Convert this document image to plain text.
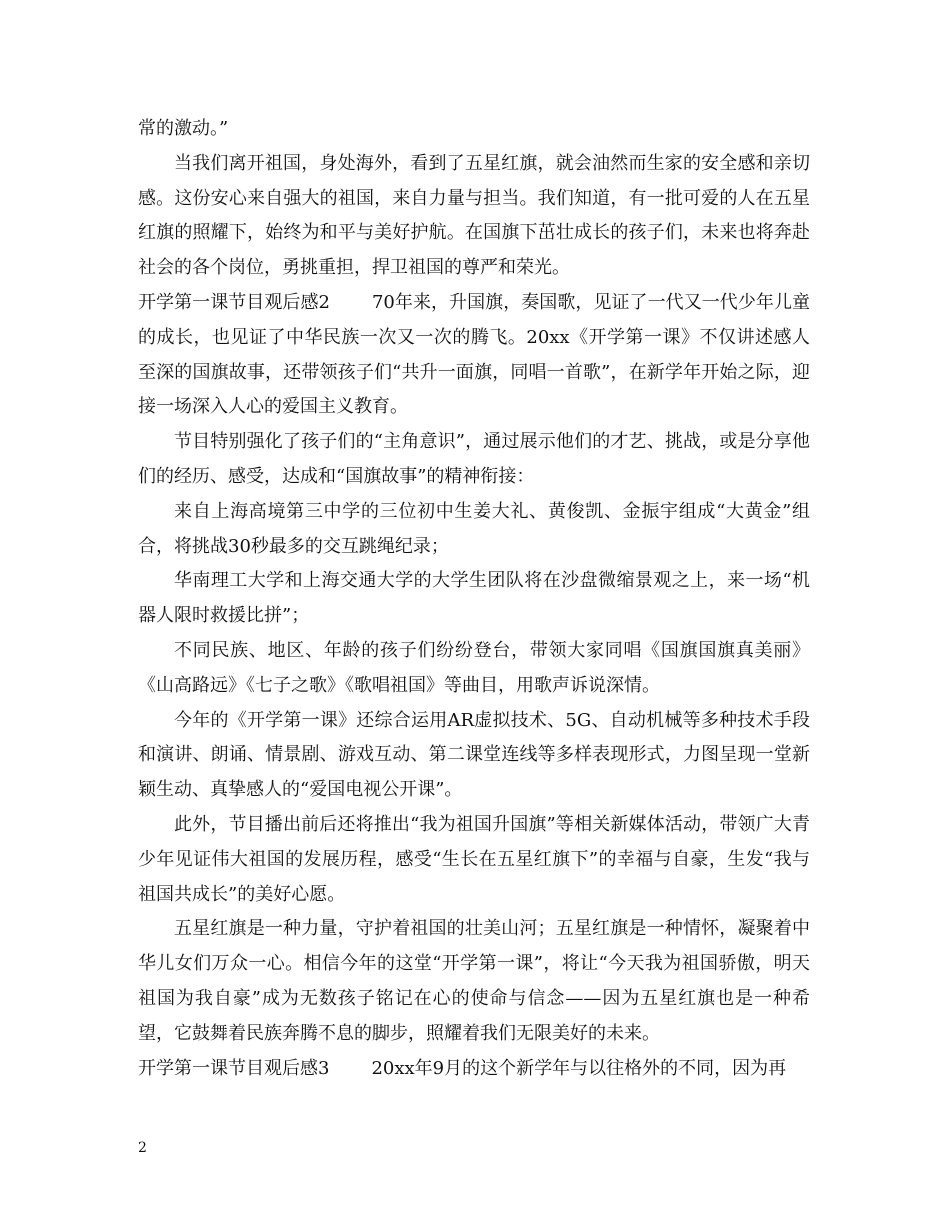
常的激动。”

当我们离开祖国，身处海外，看到了五星红旗，就会油然而生家的安全感和亲切感。这份安心来自强大的祖国，来自力量与担当。我们知道，有一批可爱的人在五星红旗的照耀下，始终为和平与美好护航。在国旗下茁壮成长的孩子们，未来也将奔赴社会的各个岗位，勇挑重担，捍卫祖国的尊严和荣光。

开学第一课节目观后感2 70年来，升国旗，奏国歌，见证了一代又一代少年儿童的成长，也见证了中华民族一次又一次的腾飞。20xx《开学第一课》不仅讲述感人至深的国旗故事，还带领孩子们“共升一面旗，同唱一首歌”，在新学年开始之际，迎接一场深入人心的爱国主义教育。

节目特别强化了孩子们的“主角意识”，通过展示他们的才艺、挑战，或是分享他们的经历、感受，达成和“国旗故事”的精神衔接：

来自上海高境第三中学的三位初中生姜大礼、黄俊凯、金振宇组成“大黄金”组合，将挑战30秒最多的交互跳绳纪录；

华南理工大学和上海交通大学的大学生团队将在沙盘微缩景观之上，来一场“机器人限时救援比拼”；

不同民族、地区、年龄的孩子们纷纷登台，带领大家同唱《国旗国旗真美丽》《山高路远》《七子之歌》《歌唱祖国》等曲目，用歌声诉说深情。

今年的《开学第一课》还综合运用AR虚拟技术、5G、自动机械等多种技术手段和演讲、朗诵、情景剧、游戏互动、第二课堂连线等多样表现形式，力图呈现一堂新颖生动、真挚感人的“爱国电视公开课”。

此外，节目播出前后还将推出“我为祖国升国旗”等相关新媒体活动，带领广大青少年见证伟大祖国的发展历程，感受“生长在五星红旗下”的幸福与自豪，生发“我与祖国共成长”的美好心愿。

五星红旗是一种力量，守护着祖国的壮美山河；五星红旗是一种情怀，凝聚着中华儿女们万众一心。相信今年的这堂“开学第一课”，将让“今天我为祖国骄傲，明天祖国为我自豪”成为无数孩子铭记在心的使命与信念——因为五星红旗也是一种希望，它鼓舞着民族奔腾不息的脚步，照耀着我们无限美好的未来。

开学第一课节目观后感3 20xx年9月的这个新学年与以往格外的不同，因为再

2
